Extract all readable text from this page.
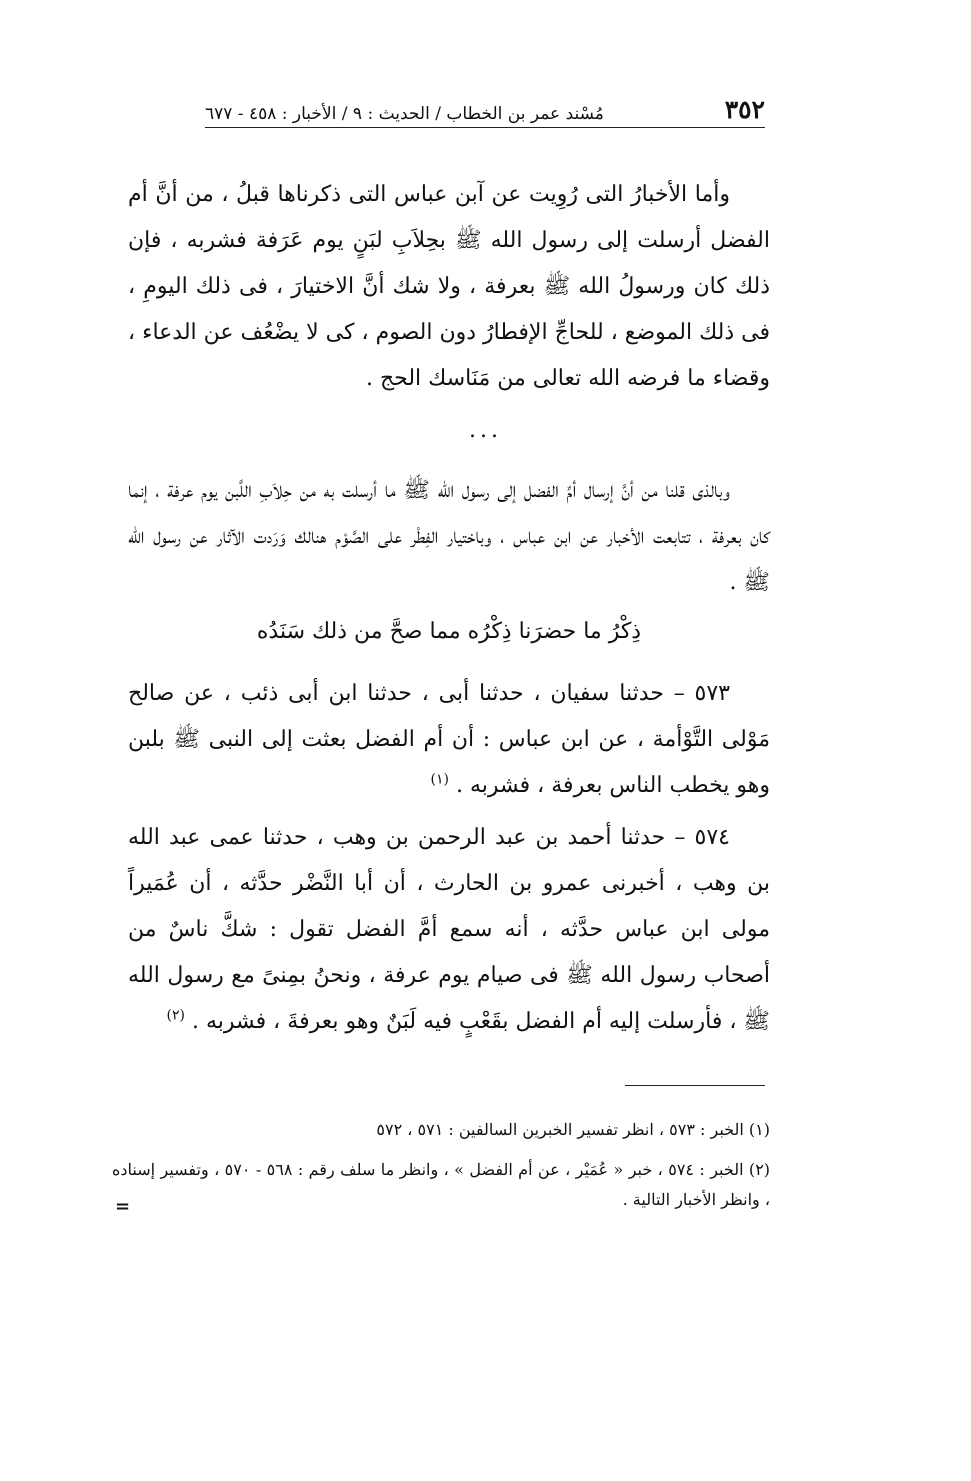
٣٥٢
مُسْند عمر بن الخطاب / الحديث : ٩ / الأخبار : ٤٥٨ - ٦٧٧

وأما الأخبارُ التى رُوِيت عن آبن عباس التى ذكرناها قبلُ ، من أنَّ أم الفضل أرسلت إلى رسول الله ﷺ بحِلاَبِ لبَنٍ يوم عَرَفة فشربه ، فإن ذلك كان ورسولُ الله ﷺ بعرفة ، ولا شك أنَّ الاختيارَ ، فى ذلك اليومِ ، فى ذلك الموضع ، للحاجِّ الإفطارُ دون الصوم ، كى لا يضْعُف عن الدعاء ، وقضاء ما فرضه الله تعالى من مَنَاسك الحج .

...

وبالذى قلنا من أنَّ إرسال أمِّ الفضل إلى رسول الله ﷺ ما أرسلت به من حِلاَبِ اللَّبن يوم عرفة ، إنما كان بعرفة ، تتابعت الأخبار عن ابن عباس ، وباختيار الفِطْر على الصَّوْم هنالك وَرَدت الآثار عن رسول الله ﷺ .

ذِكْرُ ما حضرَنا ذِكْرُه مما صحَّ من ذلك سَنَدُه

٥٧٣ – حدثنا سفيان ، حدثنا أبى ، حدثنا ابن أبى ذئب ، عن صالح مَوْلى التَّوْأمة ، عن ابن عباس : أن أم الفضل بعثت إلى النبى ﷺ بلبن وهو يخطب الناس بعرفة ، فشربه . $^{(١)}$

٥٧٤ – حدثنا أحمد بن عبد الرحمن بن وهب ، حدثنا عمى عبد الله بن وهب ، أخبرنى عمرو بن الحارث ، أن أبا النَّضْر حدَّثه ، أن عُمَيراً مولى ابن عباس حدَّثه ، أنه سمع أمَّ الفضل تقول : شكَّ ناسٌ من أصحاب رسول الله ﷺ فى صيام يوم عرفة ، ونحنُ بمِنىً مع رسول الله ﷺ ، فأرسلت إليه أم الفضل بقَعْبٍ فيه لَبَنٌ وهو بعرفةَ ، فشربه . $^{(٢)}$

(١) الخبر : ٥٧٣ ، انظر تفسير الخبرين السالفين : ٥٧١ ، ٥٧٢

(٢) الخبر : ٥٧٤ ، خبر « عُمَيْر ، عن أم الفضل » ، وانظر ما سلف رقم : ٥٦٨ - ٥٧٠ ، وتفسير إسناده ، وانظر الأخبار التالية .

=
